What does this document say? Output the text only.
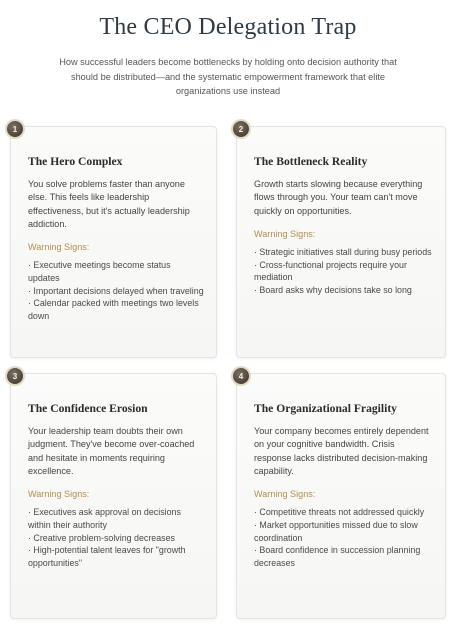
The CEO Delegation Trap
How successful leaders become bottlenecks by holding onto decision authority that should be distributed—and the systematic empowerment framework that elite organizations use instead
1
The Hero Complex
You solve problems faster than anyone else. This feels like leadership effectiveness, but it's actually leadership addiction.
Warning Signs:
· Executive meetings become status updates
· Important decisions delayed when traveling
· Calendar packed with meetings two levels down
2
The Bottleneck Reality
Growth starts slowing because everything flows through you. Your team can't move quickly on opportunities.
Warning Signs:
· Strategic initiatives stall during busy periods
· Cross-functional projects require your mediation
· Board asks why decisions take so long
3
The Confidence Erosion
Your leadership team doubts their own judgment. They've become over-coached and hesitate in moments requiring excellence.
Warning Signs:
· Executives ask approval on decisions within their authority
· Creative problem-solving decreases
· High-potential talent leaves for "growth opportunities"
4
The Organizational Fragility
Your company becomes entirely dependent on your cognitive bandwidth. Crisis response lacks distributed decision-making capability.
Warning Signs:
· Competitive threats not addressed quickly
· Market opportunities missed due to slow coordination
· Board confidence in succession planning decreases
